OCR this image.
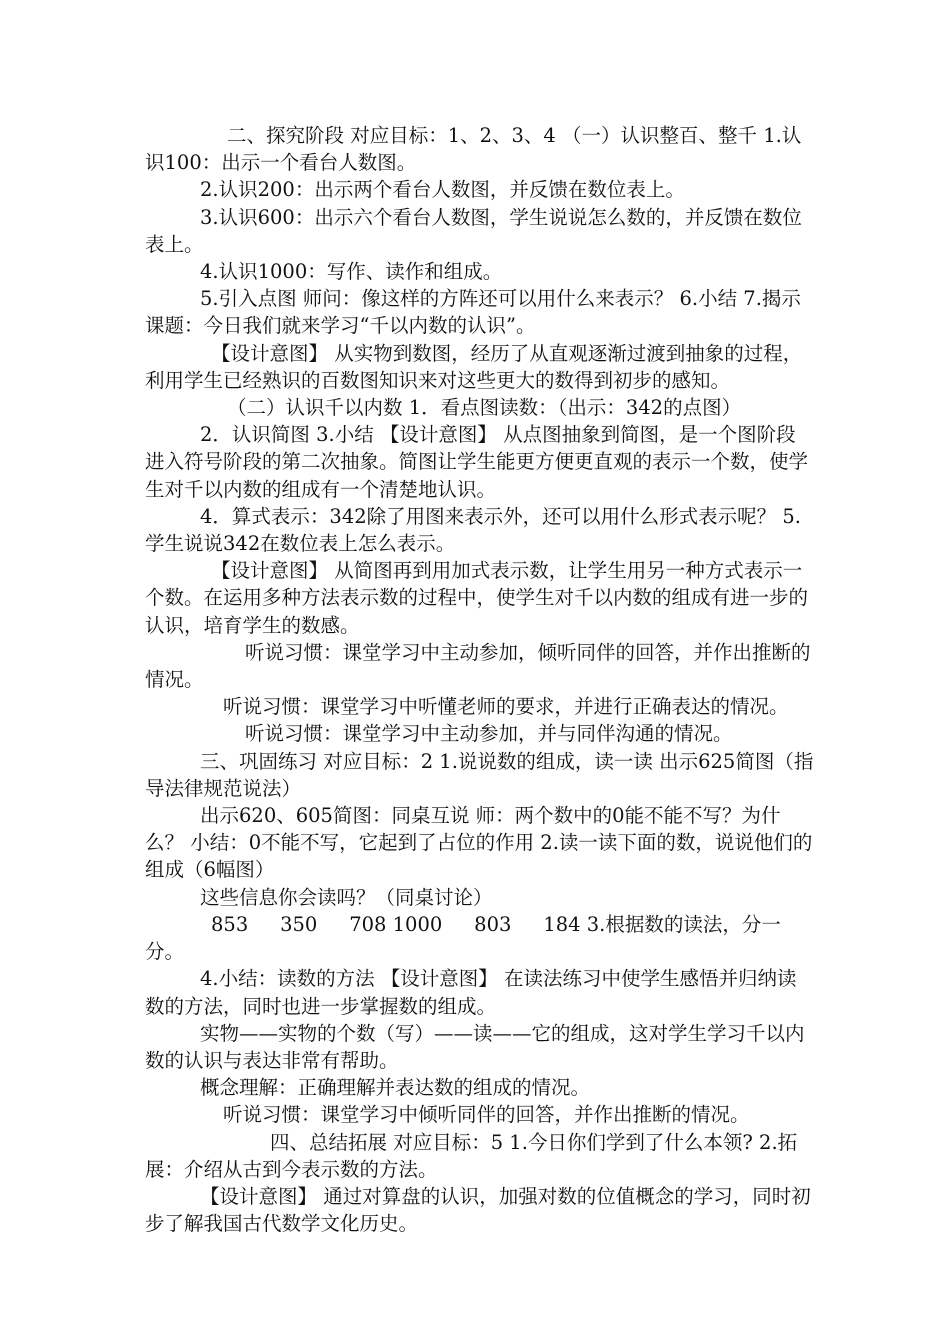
二、探究阶段 对应目标：1、2、3、4 （一）认识整百、整千 1.认识100：出示一个看台人数图。

2.认识200：出示两个看台人数图，并反馈在数位表上。

3.认识600：出示六个看台人数图，学生说说怎么数的，并反馈在数位表上。

4.认识1000：写作、读作和组成。

5.引入点图 师问：像这样的方阵还可以用什么来表示？ 6.小结 7.揭示课题：今日我们就来学习“千以内数的认识”。

【设计意图】 从实物到数图，经历了从直观逐渐过渡到抽象的过程，利用学生已经熟识的百数图知识来对这些更大的数得到初步的感知。

（二）认识千以内数 1．看点图读数：（出示：342的点图）

2．认识简图 3.小结 【设计意图】 从点图抽象到简图，是一个图阶段进入符号阶段的第二次抽象。简图让学生能更方便更直观的表示一个数，使学生对千以内数的组成有一个清楚地认识。

4．算式表示：342除了用图来表示外，还可以用什么形式表示呢？ 5.学生说说342在数位表上怎么表示。

【设计意图】 从简图再到用加式表示数，让学生用另一种方式表示一个数。在运用多种方法表示数的过程中，使学生对千以内数的组成有进一步的认识，培育学生的数感。

听说习惯：课堂学习中主动参加，倾听同伴的回答，并作出推断的情况。

听说习惯：课堂学习中听懂老师的要求，并进行正确表达的情况。

听说习惯：课堂学习中主动参加，并与同伴沟通的情况。

三、巩固练习 对应目标：2 1.说说数的组成，读一读 出示625简图（指导法律规范说法）

出示620、605简图：同桌互说 师：两个数中的0能不能不写？为什么？ 小结：0不能不写，它起到了占位的作用 2.读一读下面的数，说说他们的组成（6幅图）

这些信息你会读吗？（同桌讨论）

853 　 350 　 708 1000 　 803 　 184 3.根据数的读法，分一分。

4.小结：读数的方法 【设计意图】 在读法练习中使学生感悟并归纳读数的方法，同时也进一步掌握数的组成。

实物——实物的个数（写）——读——它的组成，这对学生学习千以内数的认识与表达非常有帮助。

概念理解：正确理解并表达数的组成的情况。

听说习惯：课堂学习中倾听同伴的回答，并作出推断的情况。

四、总结拓展 对应目标：5 1.今日你们学到了什么本领? 2.拓展：介绍从古到今表示数的方法。

【设计意图】 通过对算盘的认识，加强对数的位值概念的学习，同时初步了解我国古代数学文化历史。
